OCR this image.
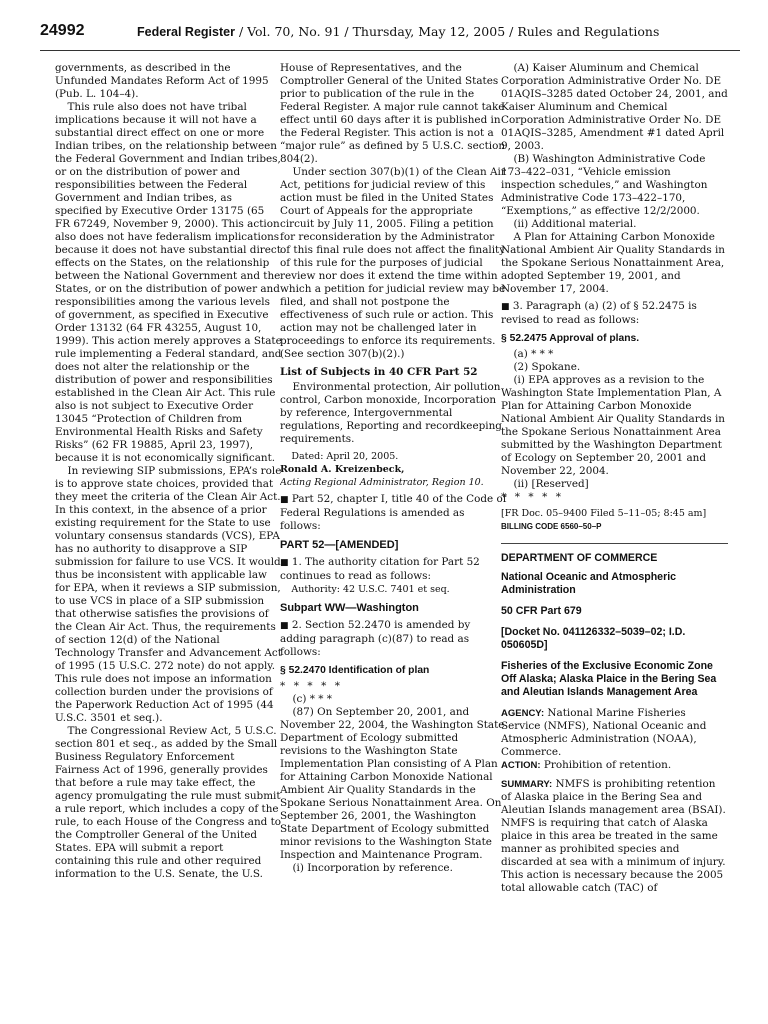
24992	Federal Register / Vol. 70, No. 91 / Thursday, May 12, 2005 / Rules and Regulations

governments, as described in the Unfunded Mandates Reform Act of 1995 (Pub. L. 104–4).

This rule also does not have tribal implications because it will not have a substantial direct effect on one or more Indian tribes, on the relationship between the Federal Government and Indian tribes, or on the distribution of power and responsibilities between the Federal Government and Indian tribes, as specified by Executive Order 13175 (65 FR 67249, November 9, 2000). This action also does not have federalism implications because it does not have substantial direct effects on the States, on the relationship between the National Government and the States, or on the distribution of power and responsibilities among the various levels of government, as specified in Executive Order 13132 (64 FR 43255, August 10, 1999). This action merely approves a State rule implementing a Federal standard, and does not alter the relationship or the distribution of power and responsibilities established in the Clean Air Act. This rule also is not subject to Executive Order 13045 “Protection of Children from Environmental Health Risks and Safety Risks” (62 FR 19885, April 23, 1997), because it is not economically significant.

In reviewing SIP submissions, EPA’s role is to approve state choices, provided that they meet the criteria of the Clean Air Act. In this context, in the absence of a prior existing requirement for the State to use voluntary consensus standards (VCS), EPA has no authority to disapprove a SIP submission for failure to use VCS. It would thus be inconsistent with applicable law for EPA, when it reviews a SIP submission, to use VCS in place of a SIP submission that otherwise satisfies the provisions of the Clean Air Act. Thus, the requirements of section 12(d) of the National Technology Transfer and Advancement Act of 1995 (15 U.S.C. 272 note) do not apply. This rule does not impose an information collection burden under the provisions of the Paperwork Reduction Act of 1995 (44 U.S.C. 3501 et seq.).

The Congressional Review Act, 5 U.S.C. section 801 et seq., as added by the Small Business Regulatory Enforcement Fairness Act of 1996, generally provides that before a rule may take effect, the agency promulgating the rule must submit a rule report, which includes a copy of the rule, to each House of the Congress and to the Comptroller General of the United States. EPA will submit a report containing this rule and other required information to the U.S. Senate, the U.S.

House of Representatives, and the Comptroller General of the United States prior to publication of the rule in the Federal Register. A major rule cannot take effect until 60 days after it is published in the Federal Register. This action is not a “major rule” as defined by 5 U.S.C. section 804(2).

Under section 307(b)(1) of the Clean Air Act, petitions for judicial review of this action must be filed in the United States Court of Appeals for the appropriate circuit by July 11, 2005. Filing a petition for reconsideration by the Administrator of this final rule does not affect the finality of this rule for the purposes of judicial review nor does it extend the time within which a petition for judicial review may be filed, and shall not postpone the effectiveness of such rule or action. This action may not be challenged later in proceedings to enforce its requirements. (See section 307(b)(2).)

List of Subjects in 40 CFR Part 52

Environmental protection, Air pollution control, Carbon monoxide, Incorporation by reference, Intergovernmental regulations, Reporting and recordkeeping requirements.

Dated: April 20, 2005.

Ronald A. Kreizenbeck,

Acting Regional Administrator, Region 10.

■ Part 52, chapter I, title 40 of the Code of Federal Regulations is amended as follows:

PART 52—[AMENDED]

■ 1. The authority citation for Part 52 continues to read as follows:

Authority: 42 U.S.C. 7401 et seq.

Subpart WW—Washington

■ 2. Section 52.2470 is amended by adding paragraph (c)(87) to read as follows:

§ 52.2470 Identification of plan

* * * * *

(c) * * *

(87) On September 20, 2001, and November 22, 2004, the Washington State Department of Ecology submitted revisions to the Washington State Implementation Plan consisting of A Plan for Attaining Carbon Monoxide National Ambient Air Quality Standards in the Spokane Serious Nonattainment Area. On September 26, 2001, the Washington State Department of Ecology submitted minor revisions to the Washington State Inspection and Maintenance Program.

(i) Incorporation by reference.

(A) Kaiser Aluminum and Chemical Corporation Administrative Order No. DE 01AQIS–3285 dated October 24, 2001, and Kaiser Aluminum and Chemical Corporation Administrative Order No. DE 01AQIS–3285, Amendment #1 dated April 9, 2003.

(B) Washington Administrative Code 173–422–031, “Vehicle emission inspection schedules,” and Washington Administrative Code 173–422–170, “Exemptions,” as effective 12/2/2000.

(ii) Additional material.

A Plan for Attaining Carbon Monoxide National Ambient Air Quality Standards in the Spokane Serious Nonattainment Area, adopted September 19, 2001, and November 17, 2004.

■ 3. Paragraph (a) (2) of § 52.2475 is revised to read as follows:

§ 52.2475 Approval of plans.

(a) * * *

(2) Spokane.

(i) EPA approves as a revision to the Washington State Implementation Plan, A Plan for Attaining Carbon Monoxide National Ambient Air Quality Standards in the Spokane Serious Nonattainment Area submitted by the Washington Department of Ecology on September 20, 2001 and November 22, 2004.

(ii) [Reserved]

* * * * *

[FR Doc. 05–9400 Filed 5–11–05; 8:45 am]

BILLING CODE 6560–50–P

DEPARTMENT OF COMMERCE
National Oceanic and Atmospheric Administration
50 CFR Part 679
[Docket No. 041126332–5039–02; I.D. 050605D]
Fisheries of the Exclusive Economic Zone Off Alaska; Alaska Plaice in the Bering Sea and Aleutian Islands Management Area

AGENCY: National Marine Fisheries Service (NMFS), National Oceanic and Atmospheric Administration (NOAA), Commerce.

ACTION: Prohibition of retention.

SUMMARY: NMFS is prohibiting retention of Alaska plaice in the Bering Sea and Aleutian Islands management area (BSAI). NMFS is requiring that catch of Alaska plaice in this area be treated in the same manner as prohibited species and discarded at sea with a minimum of injury. This action is necessary because the 2005 total allowable catch (TAC) of
